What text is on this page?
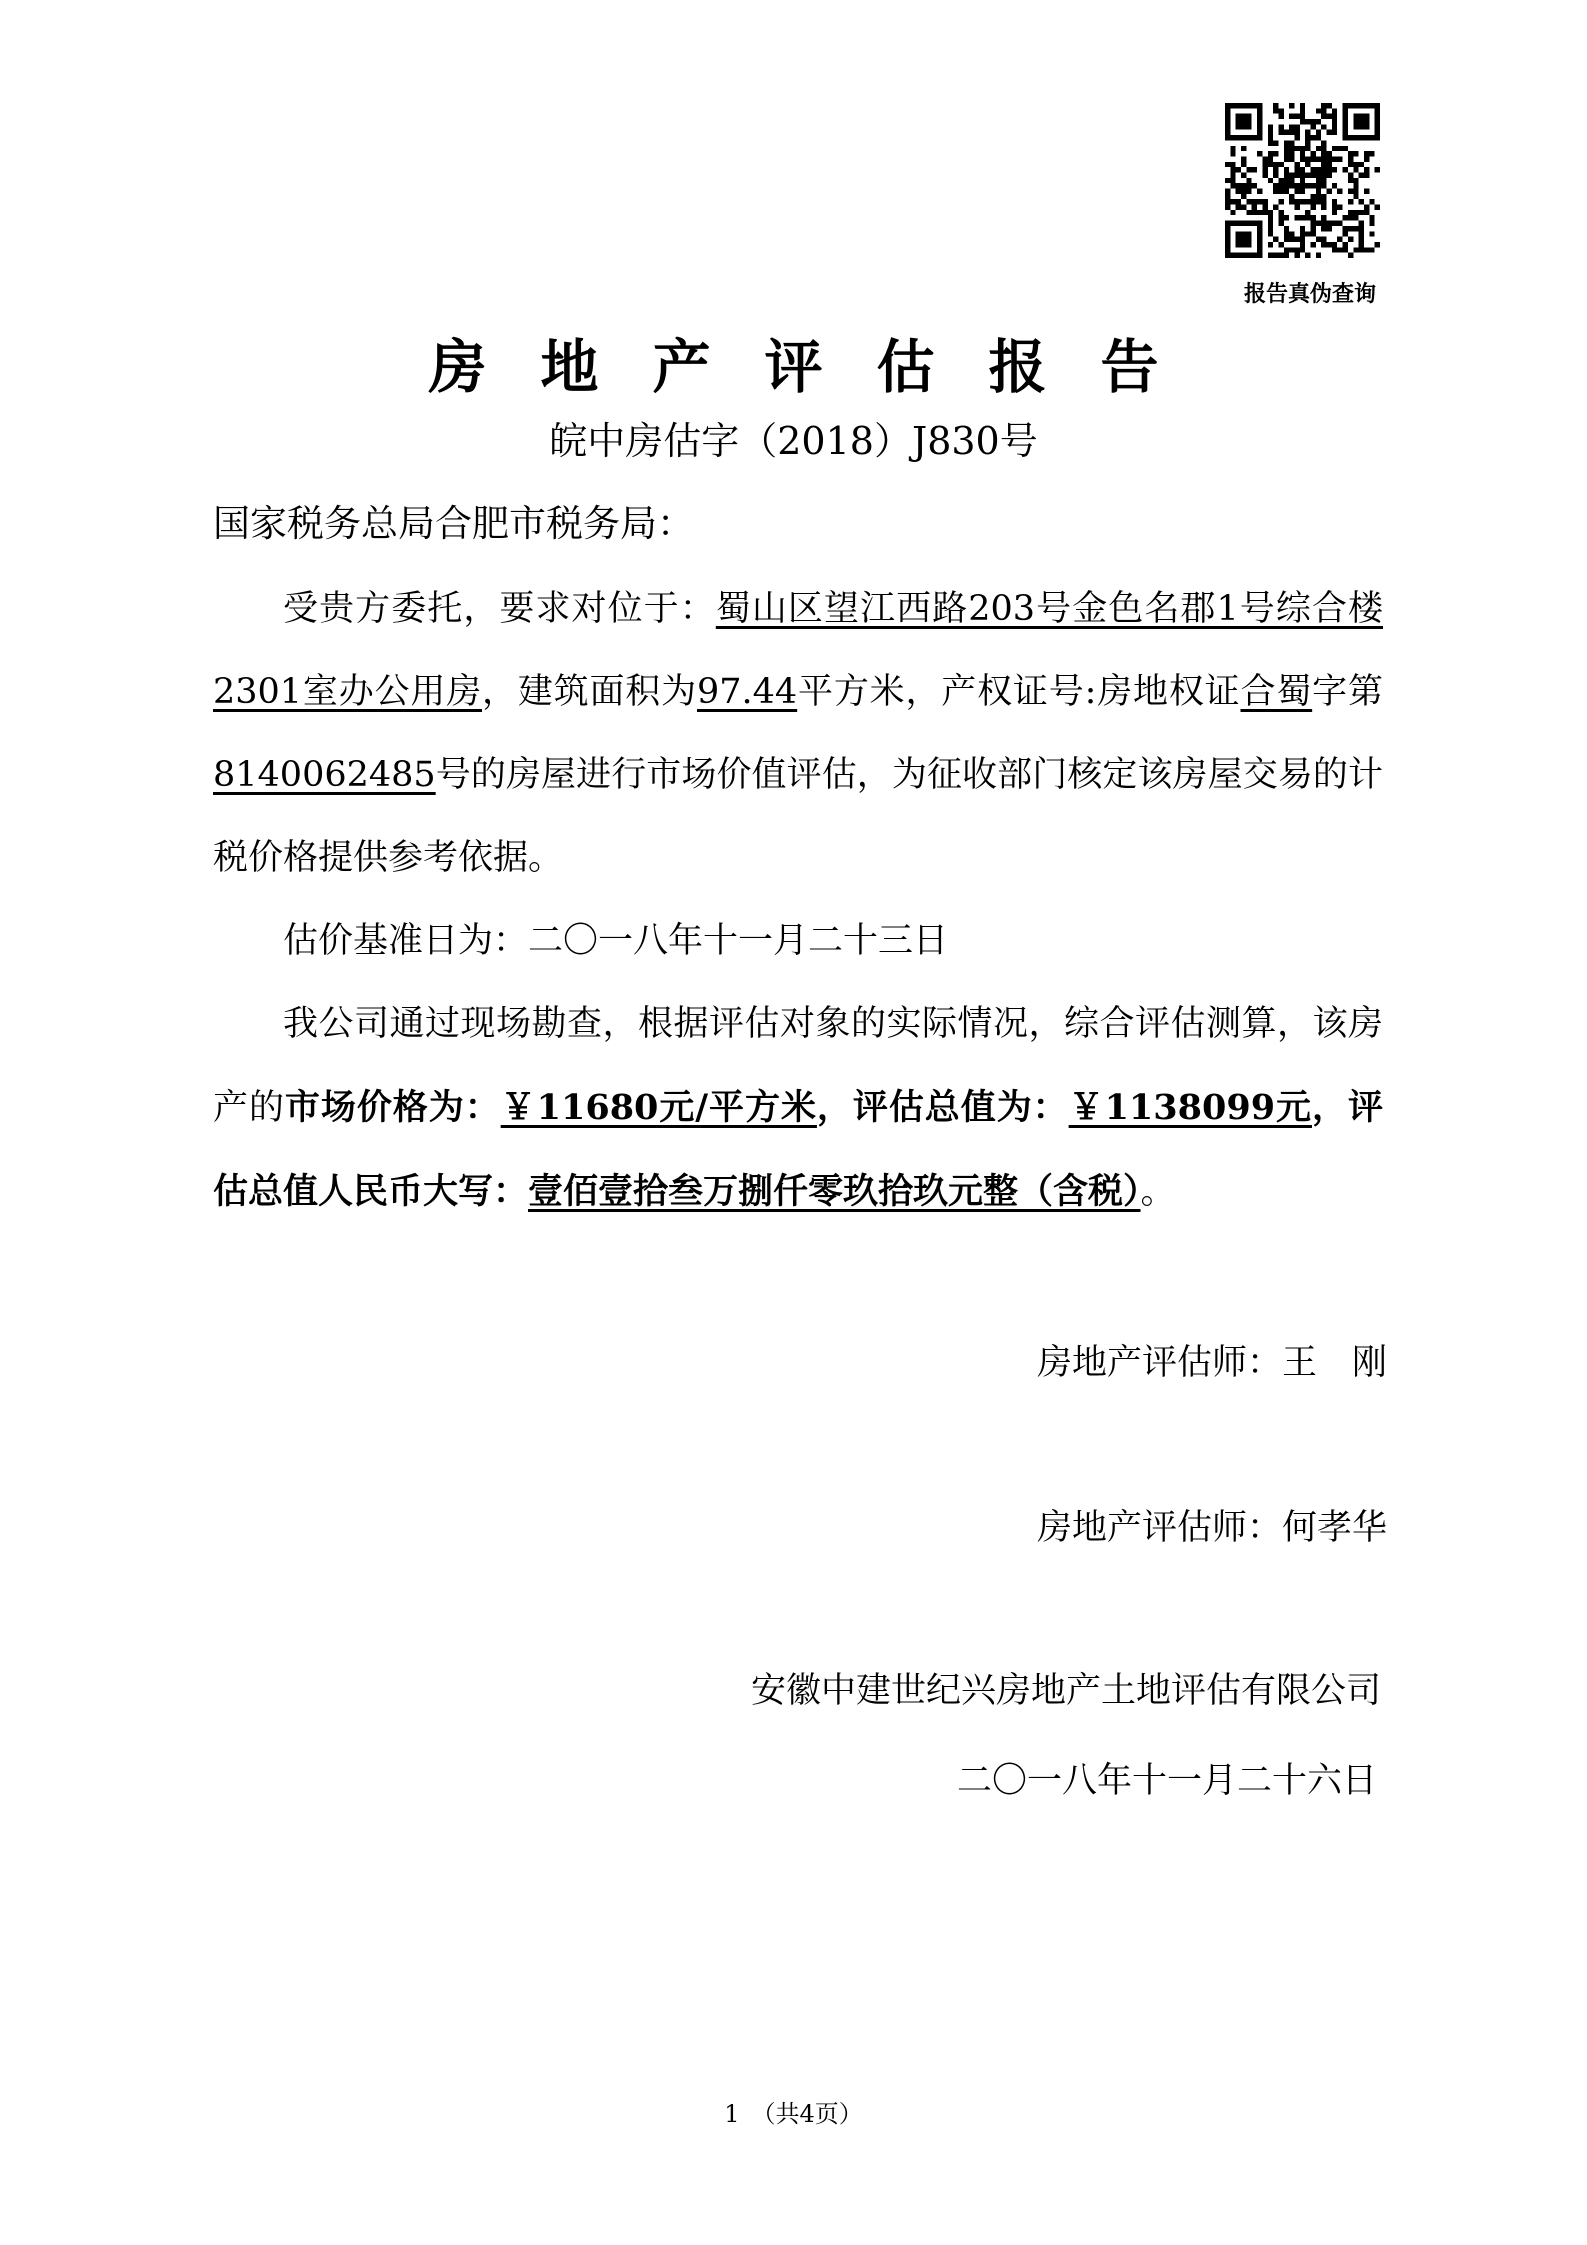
报告真伪查询
房地产评估报告
皖中房估字（2018）J830号
国家税务总局合肥市税务局：
受贵方委托，要求对位于：蜀山区望江西路203号金色名郡1号综合楼2301室办公用房，建筑面积为97.44平方米，产权证号:房地权证合蜀字第8140062485号的房屋进行市场价值评估，为征收部门核定该房屋交易的计税价格提供参考依据。
估价基准日为：二〇一八年十一月二十三日
我公司通过现场勘查，根据评估对象的实际情况，综合评估测算，该房产的市场价格为：￥11680元/平方米，评估总值为：￥1138099元，评估总值人民币大写：壹佰壹拾叁万捌仟零玖拾玖元整（含税）。
房地产评估师：王　刚
房地产评估师：何孝华
安徽中建世纪兴房地产土地评估有限公司
二〇一八年十一月二十六日
1　（共4页）
